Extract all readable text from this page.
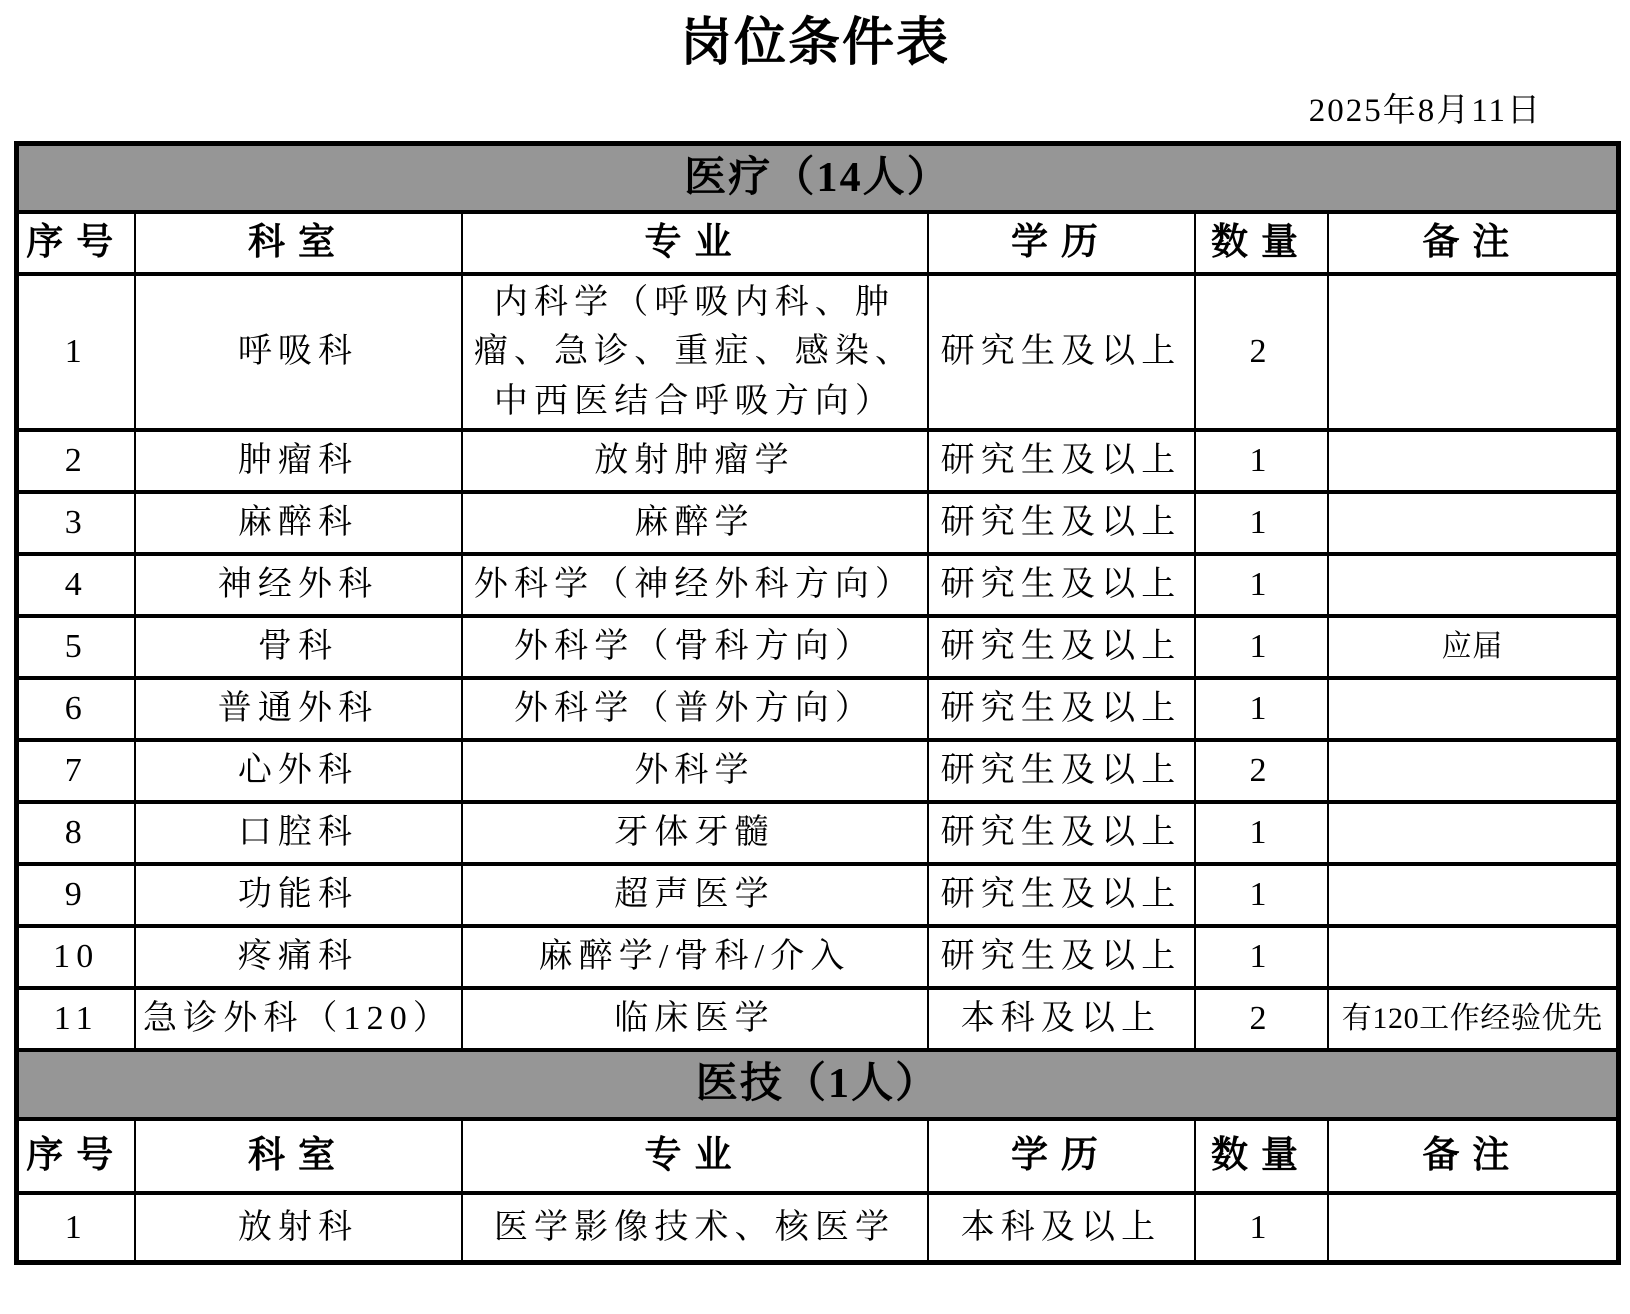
岗位条件表
2025年8月11日
医疗（14人）					
序号	科室	专业	学历	数量	备注
1	呼吸科	内科学（呼吸内科、肿瘤、急诊、重症、感染、中西医结合呼吸方向）	研究生及以上	2	
2	肿瘤科	放射肿瘤学	研究生及以上	1	
3	麻醉科	麻醉学	研究生及以上	1	
4	神经外科	外科学（神经外科方向）	研究生及以上	1	
5	骨科	外科学（骨科方向）	研究生及以上	1	应届
6	普通外科	外科学（普外方向）	研究生及以上	1	
7	心外科	外科学	研究生及以上	2	
8	口腔科	牙体牙髓	研究生及以上	1	
9	功能科	超声医学	研究生及以上	1	
10	疼痛科	麻醉学/骨科/介入	研究生及以上	1	
11	急诊外科（120）	临床医学	本科及以上	2	有120工作经验优先
医技（1人）					
序号	科室	专业	学历	数量	备注
1	放射科	医学影像技术、核医学	本科及以上	1	
